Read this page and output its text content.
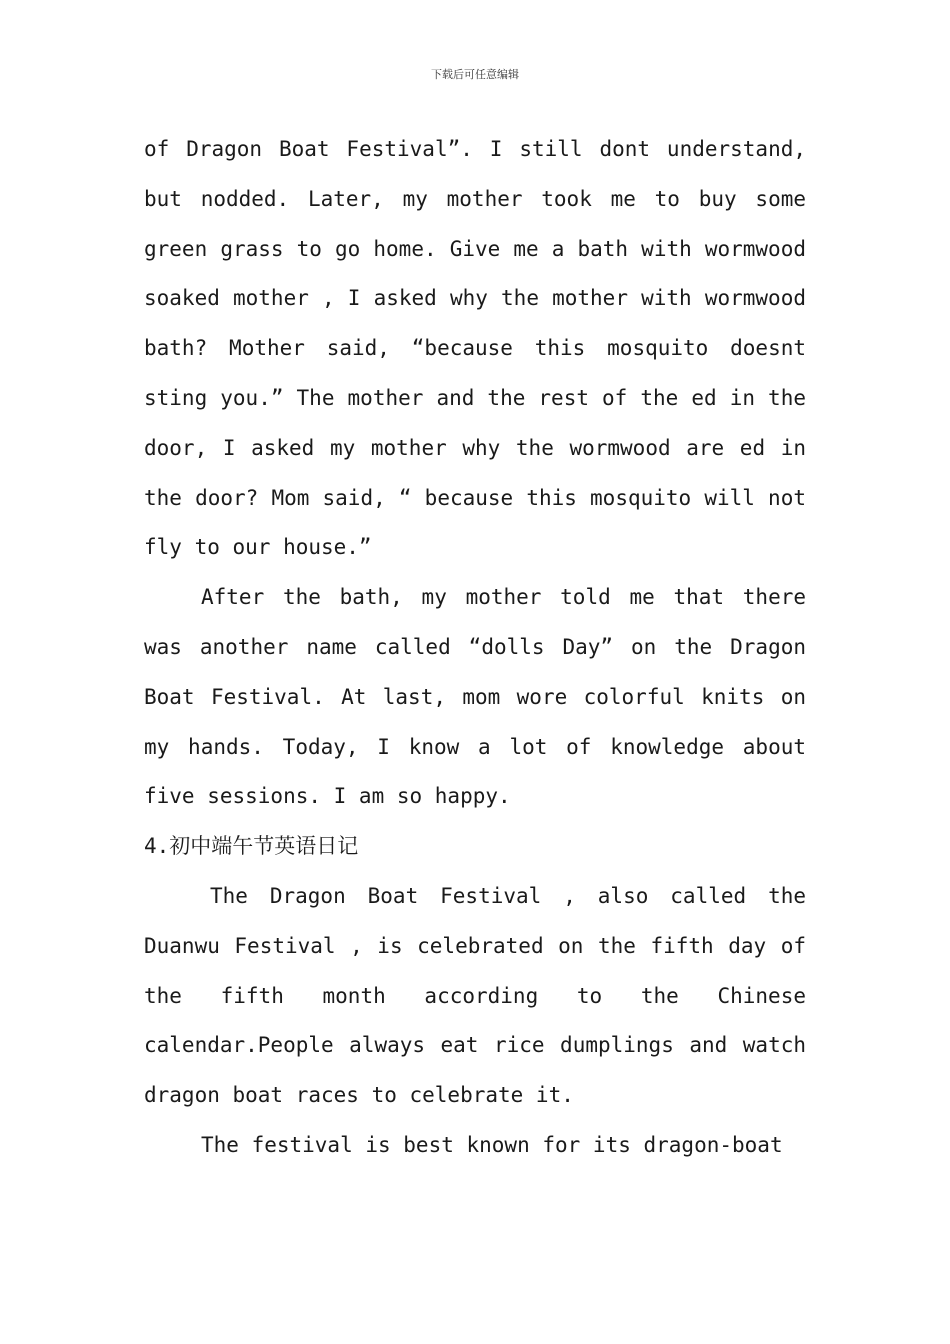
下载后可任意编辑

of Dragon Boat Festival”. I still dont understand, but nodded. Later, my mother took me to buy some green grass to go home. Give me a bath with wormwood soaked mother , I asked why the mother with wormwood bath? Mother said, “because this mosquito doesnt sting you.” The mother and the rest of the ed in the door, I asked my mother why the wormwood are ed in the door? Mom said, “ because this mosquito will not fly to our house.”

After the bath, my mother told me that there was another name called “dolls Day” on the Dragon Boat Festival. At last, mom wore colorful knits on my hands. Today, I know a lot of knowledge about five sessions. I am so happy.

4.初中端午节英语日记

The Dragon Boat Festival , also called the Duanwu Festival , is celebrated on the fifth day of the fifth month according to the Chinese calendar.People always eat rice dumplings and watch dragon boat races to celebrate it.

The festival is best known for its dragon-boat
